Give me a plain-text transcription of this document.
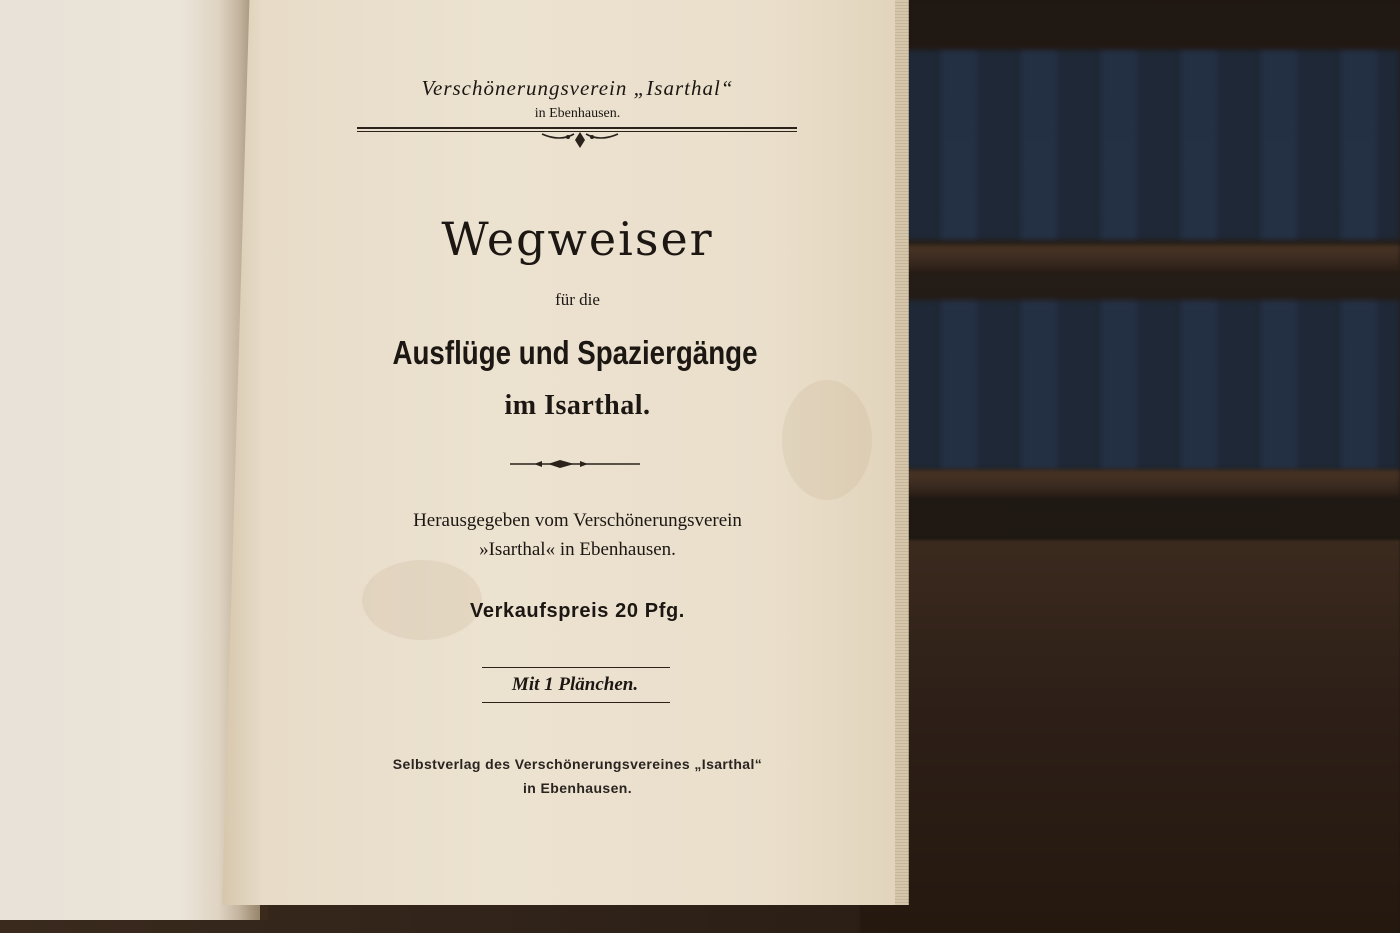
Verschönerungsverein „Isarthal“
in Ebenhausen.
Wegweiser
für die
Ausflüge und Spaziergänge
im Isarthal.
Herausgegeben vom Verschönerungsverein
»Isarthal« in Ebenhausen.
Verkaufspreis 20 Pfg.
Mit 1 Plänchen.
Selbstverlag des Verschönerungsvereines „Isarthal“
in Ebenhausen.
